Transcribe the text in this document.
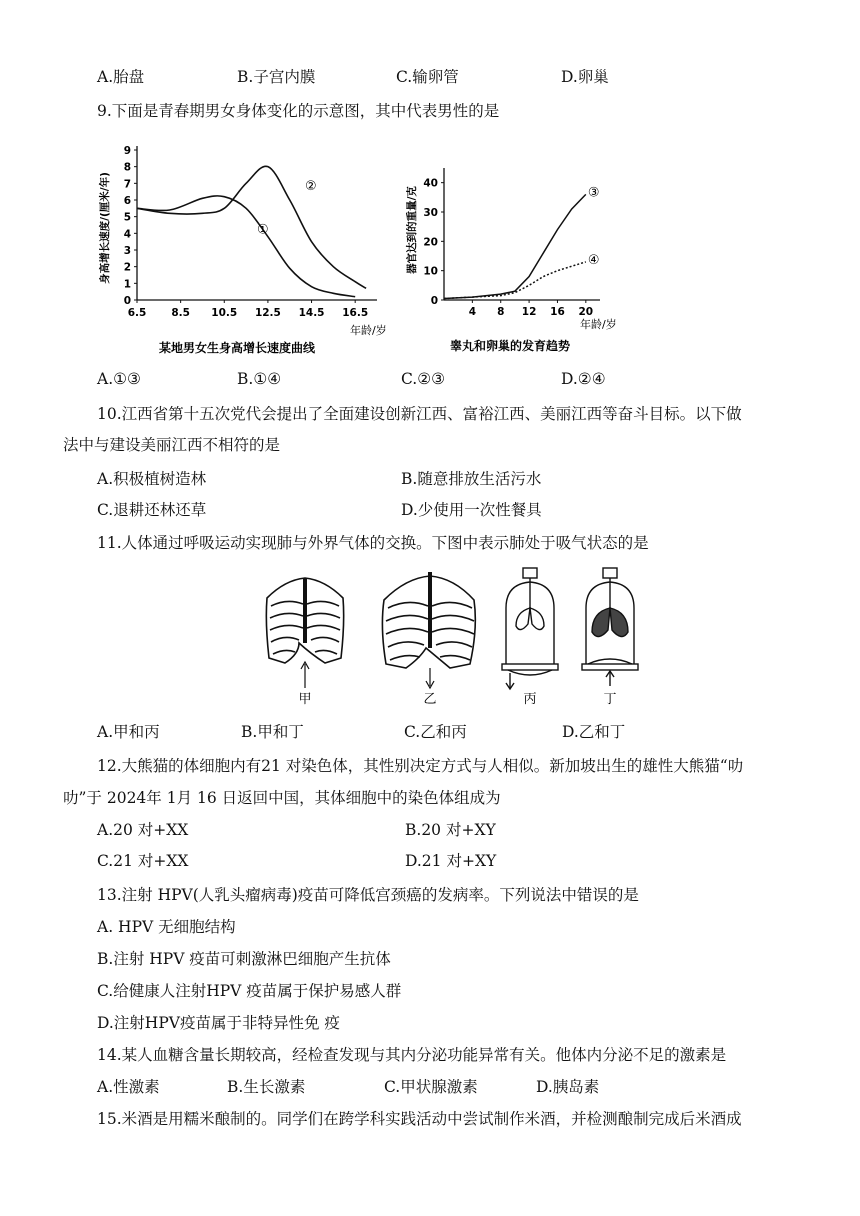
A.胎盘	B.子宫内膜	C.输卵管	D.卵巢
9.下面是青春期男女身体变化的示意图，其中代表男性的是
身高增长速度/(厘米/年)
0
1
2
3
4
5
6
7
8
9
6.5 8.5 10.5 12.5 14.5 16.5
①
②
年龄/岁
某地男女生身高增长速度曲线
器官达到的重量/克
0
10
20
30
40
4 8 12 16 20
③
④
年龄/岁
睾丸和卵巢的发育趋势
A.①③	B.①④	C.②③	D.②④
10.江西省第十五次党代会提出了全面建设创新江西、富裕江西、美丽江西等奋斗目标。以下做
法中与建设美丽江西不相符的是
A.积极植树造林	B.随意排放生活污水
C.退耕还林还草	D.少使用一次性餐具
11.人体通过呼吸运动实现肺与外界气体的交换。下图中表示肺处于吸气状态的是
甲	乙	丙	丁
A.甲和丙	B.甲和丁	C.乙和丙	D.乙和丁
12.大熊猫的体细胞内有21 对染色体，其性别决定方式与人相似。新加坡出生的雄性大熊猫“叻
叻”于 2024年 1月 16 日返回中国，其体细胞中的染色体组成为
A.20 对+XX	B.20 对+XY
C.21 对+XX	D.21 对+XY
13.注射 HPV(人乳头瘤病毒)疫苗可降低宫颈癌的发病率。下列说法中错误的是
A. HPV 无细胞结构
B.注射 HPV 疫苗可刺激淋巴细胞产生抗体
C.给健康人注射HPV 疫苗属于保护易感人群
D.注射HPV疫苗属于非特异性免 疫
14.某人血糖含量长期较高，经检查发现与其内分泌功能异常有关。他体内分泌不足的激素是
A.性激素	B.生长激素	C.甲状腺激素	D.胰岛素
15.米酒是用糯米酿制的。同学们在跨学科实践活动中尝试制作米酒，并检测酿制完成后米酒成
